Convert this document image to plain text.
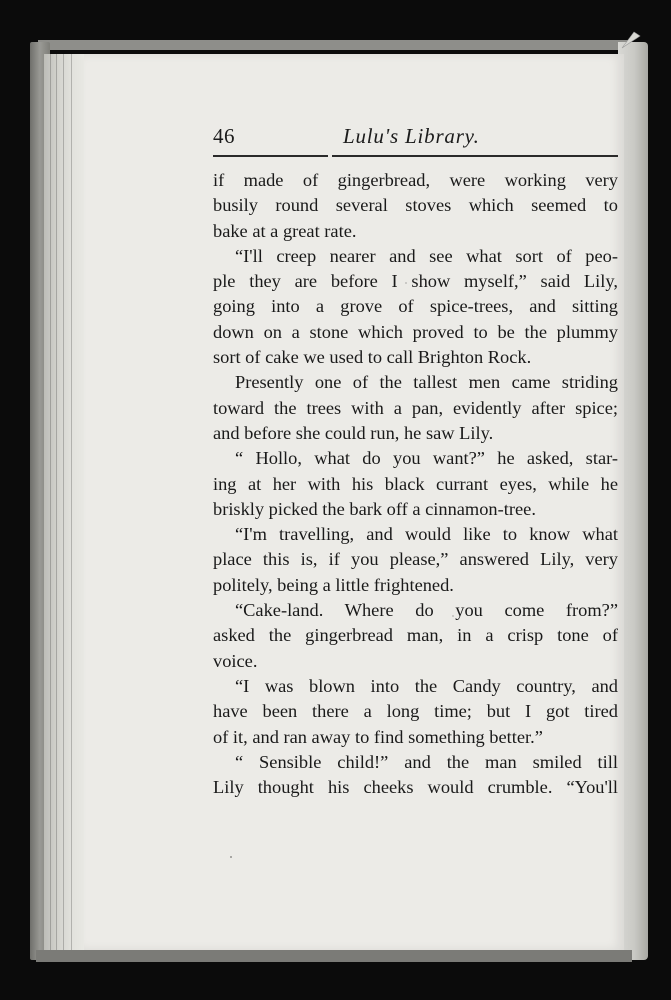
46	Lulu's Library.
if made of gingerbread, were working very
busily round several stoves which seemed to
bake at a great rate.
“I'll creep nearer and see what sort of peo-
ple they are before I show myself,” said Lily,
going into a grove of spice-trees, and sitting
down on a stone which proved to be the plummy
sort of cake we used to call Brighton Rock.
Presently one of the tallest men came striding
toward the trees with a pan, evidently after spice;
and before she could run, he saw Lily.
“ Hollo, what do you want?” he asked, star-
ing at her with his black currant eyes, while he
briskly picked the bark off a cinnamon-tree.
“I'm travelling, and would like to know what
place this is, if you please,” answered Lily, very
politely, being a little frightened.
“Cake-land. Where do you come from?”
asked the gingerbread man, in a crisp tone of
voice.
“I was blown into the Candy country, and
have been there a long time; but I got tired
of it, and ran away to find something better.”
“ Sensible child!” and the man smiled till
Lily thought his cheeks would crumble. “You'll
